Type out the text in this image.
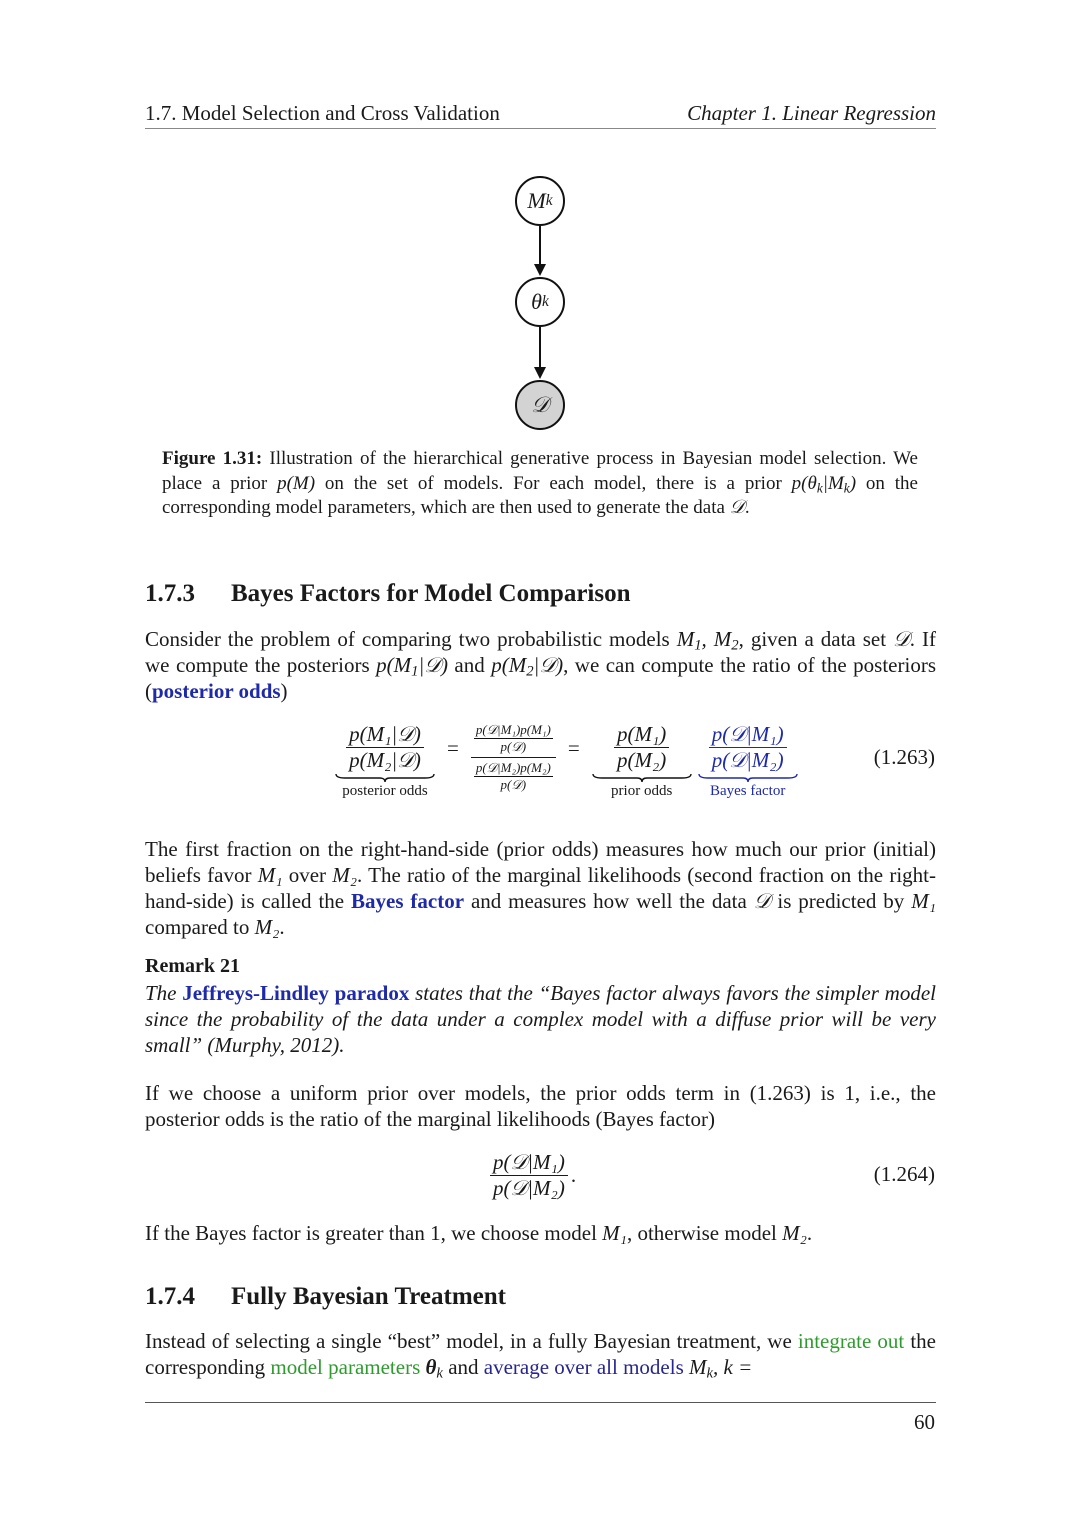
1.7. Model Selection and Cross Validation	Chapter 1. Linear Regression
M k
θ k
𝒟
Figure 1.31: Illustration of the hierarchical generative process in Bayesian model selection. We place a prior p(M) on the set of models. For each model, there is a prior $p(\theta_k|M_k)$ on the corresponding model parameters, which are then used to generate the data 𝒟.
1.7.3 Bayes Factors for Model Comparison
Consider the problem of comparing two probabilistic models $M_1$, $M_2$, given a data set 𝒟. If we compute the posteriors $p(M_1|𝒟)$ and $p(M_2|𝒟)$, we can compute the ratio of the posteriors (posterior odds)
$\frac{\text{p(M₁|𝒟)}}{\text{p(M₂|𝒟)}}$
posterior odds
= p(𝒟|M₁)p(M₁)
p(𝒟)
p(𝒟|M₂)p(M₂)
p(𝒟) = $\frac{\text{p(M₁)}}{\text{p(M₂)}}$
prior odds
$\frac{\text{p(𝒟|M₁)}}{\text{p(𝒟|M₂)}}$
Bayes factor
(1.263)
The first fraction on the right-hand-side (prior odds) measures how much our prior (initial) beliefs favor M₁ over M₂. The ratio of the marginal likelihoods (second fraction on the right-hand-side) is called the Bayes factor and measures how well the data 𝒟 is predicted by M₁ compared to M₂.
Remark 21
The Jeffreys-Lindley paradox states that the “Bayes factor always favors the simpler model since the probability of the data under a complex model with a diffuse prior will be very small” (Murphy, 2012).
If we choose a uniform prior over models, the prior odds term in (1.263) is 1, i.e., the posterior odds is the ratio of the marginal likelihoods (Bayes factor)
$\frac{\text{p(𝒟|M₁)}}{\text{p(𝒟|M₂)}}$ .	(1.264)
If the Bayes factor is greater than 1, we choose model M₁, otherwise model M₂.
1.7.4 Fully Bayesian Treatment
Instead of selecting a single “best” model, in a fully Bayesian treatment, we integrate out the corresponding model parameters $\theta_k$ and average over all models $M_k$, k =
60
